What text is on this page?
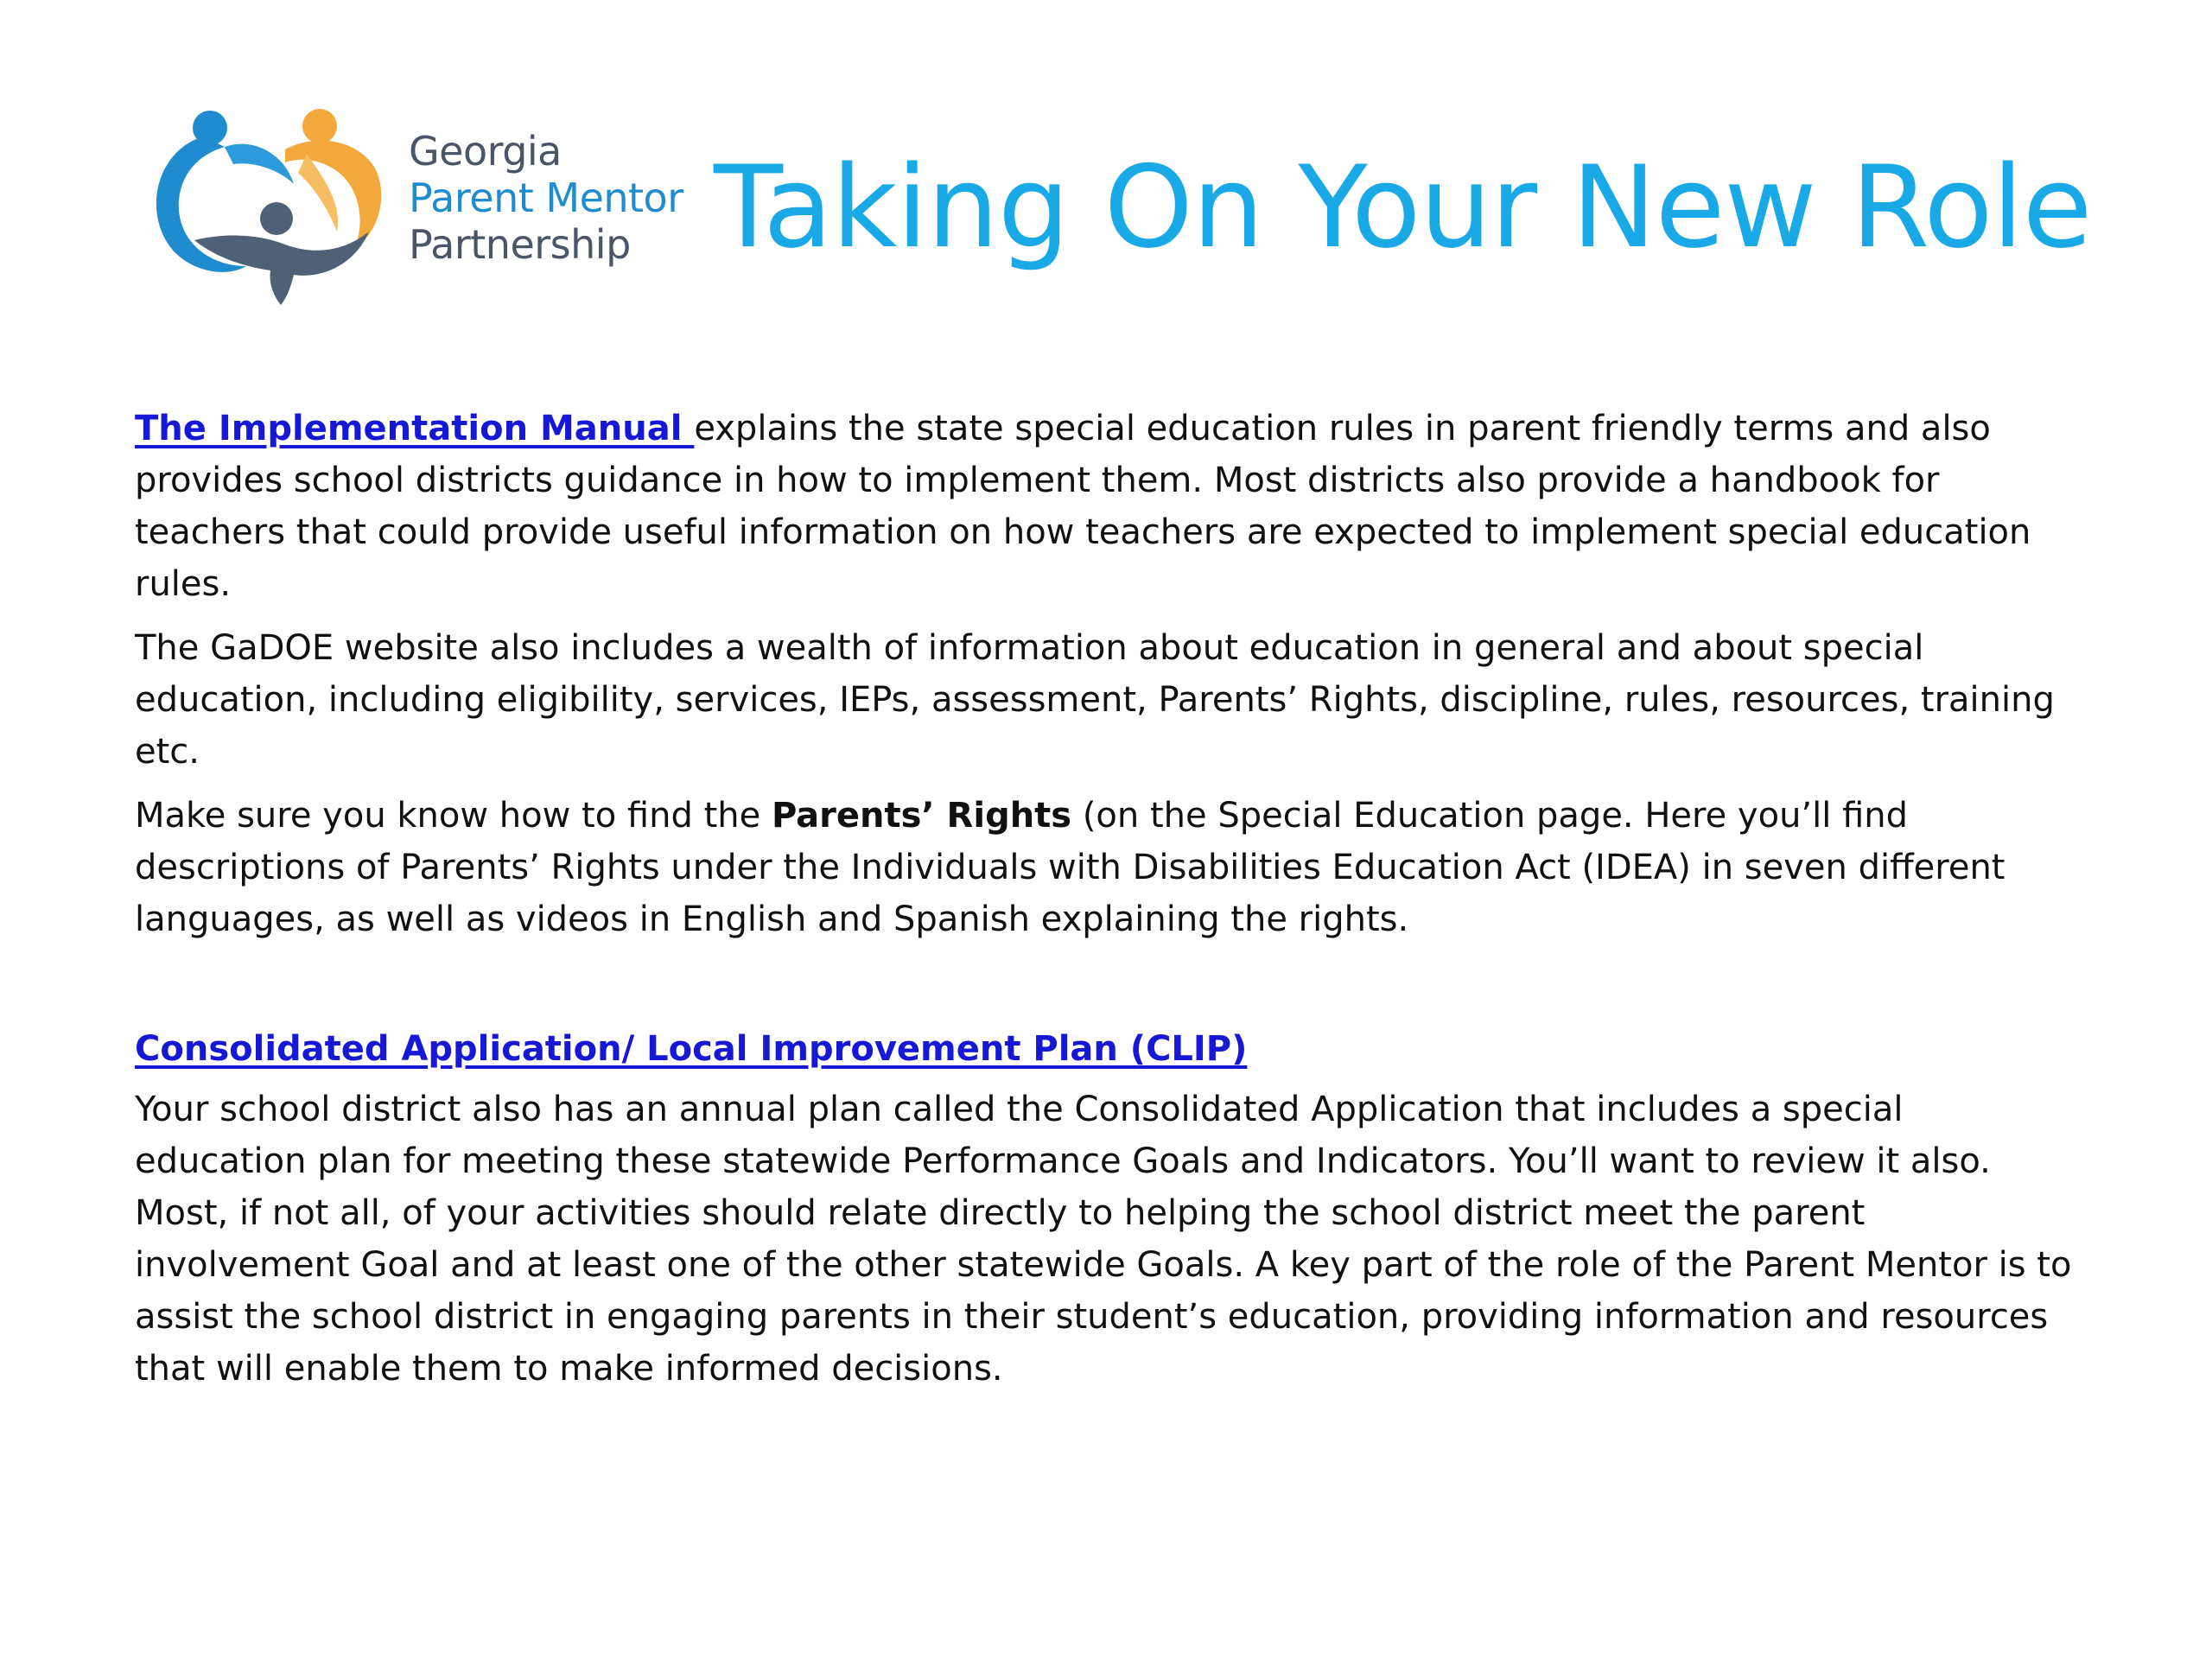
Georgia
Parent Mentor
Partnership Taking On Your New Role

The Implementation Manual explains the state special education rules in parent friendly terms and also provides school districts guidance in how to implement them. Most districts also provide a handbook for teachers that could provide useful information on how teachers are expected to implement special education rules.

The GaDOE website also includes a wealth of information about education in general and about special education, including eligibility, services, IEPs, assessment, Parents’ Rights, discipline, rules, resources, training etc.

Make sure you know how to find the Parents’ Rights (on the Special Education page. Here you’ll find descriptions of Parents’ Rights under the Individuals with Disabilities Education Act (IDEA) in seven different languages, as well as videos in English and Spanish explaining the rights.

Consolidated Application/ Local Improvement Plan (CLIP)

Your school district also has an annual plan called the Consolidated Application that includes a special education plan for meeting these statewide Performance Goals and Indicators. You’ll want to review it also. Most, if not all, of your activities should relate directly to helping the school district meet the parent involvement Goal and at least one of the other statewide Goals. A key part of the role of the Parent Mentor is to assist the school district in engaging parents in their student’s education, providing information and resources that will enable them to make informed decisions.
